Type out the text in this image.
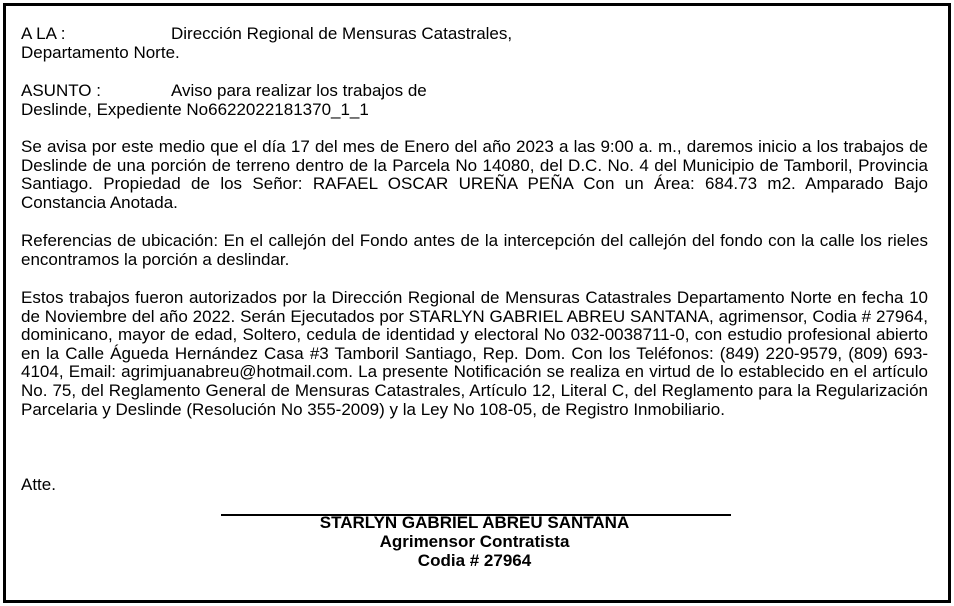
A LA :	Dirección Regional de Mensuras Catastrales,
Departamento Norte.
ASUNTO :	Aviso para realizar los trabajos de
Deslinde, Expediente No6622022181370_1_1
Se avisa por este medio que el día 17 del mes de Enero del año 2023 a las 9:00 a. m., daremos inicio a los trabajos de Deslinde de una porción de terreno dentro de la Parcela No 14080, del D.C. No. 4 del Municipio de Tamboril, Provincia Santiago. Propiedad de los Señor: RAFAEL OSCAR UREÑA PEÑA Con un Área: 684.73 m2. Amparado Bajo Constancia Anotada.
Referencias de ubicación: En el callejón del Fondo antes de la intercepción del callejón del fondo con la calle los rieles encontramos la porción a deslindar.
Estos trabajos fueron autorizados por la Dirección Regional de Mensuras Catastrales Departamento Norte en fecha 10 de Noviembre del año 2022. Serán Ejecutados por STARLYN GABRIEL ABREU SANTANA, agrimensor, Codia # 27964, dominicano, mayor de edad, Soltero, cedula de identidad y electoral No 032-0038711-0, con estudio profesional abierto en la Calle Águeda Hernández Casa #3 Tamboril Santiago, Rep. Dom. Con los Teléfonos: (849) 220-9579, (809) 693-4104, Email: agrimjuanabreu@hotmail.com. La presente Notificación se realiza en virtud de lo establecido en el artículo No. 75, del Reglamento General de Mensuras Catastrales, Artículo 12, Literal C, del Reglamento para la Regularización Parcelaria y Deslinde (Resolución No 355-2009) y la Ley No 108-05, de Registro Inmobiliario.
Atte.
STARLYN GABRIEL ABREU SANTANA
Agrimensor Contratista
Codia # 27964
